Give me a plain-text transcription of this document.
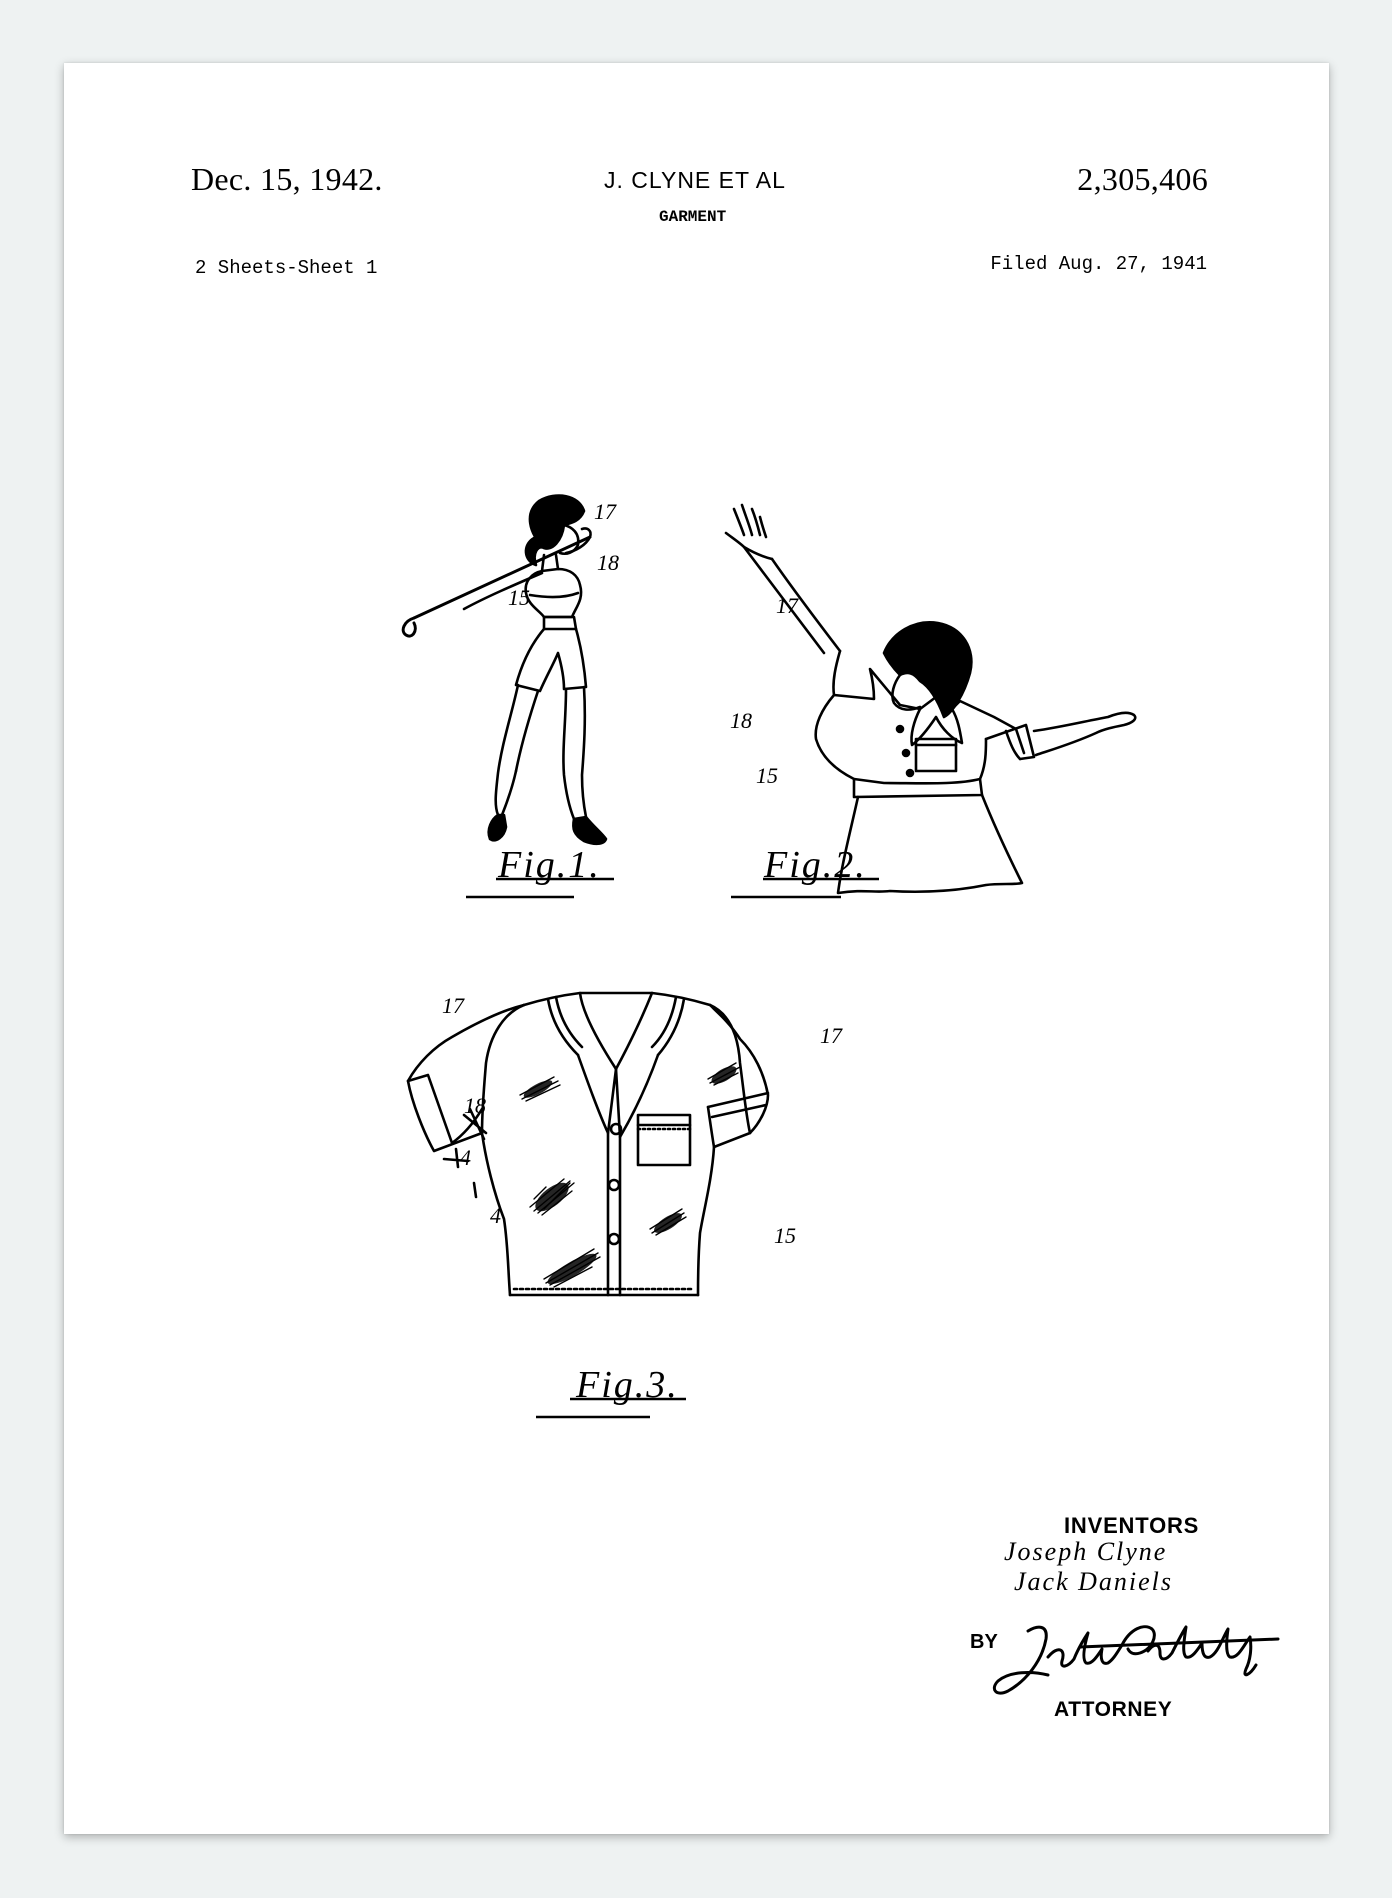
Dec. 15, 1942.	J. CLYNE ET AL	2,305,406
GARMENT
2 Sheets-Sheet 1	Filed Aug. 27, 1941
17
18
15
Fig.1.
17
17
18
15
Fig.2.
17
17
18
4
4
15
Fig.3.
INVENTORS
Joseph Clyne
Jack Daniels
BY
ATTORNEY
